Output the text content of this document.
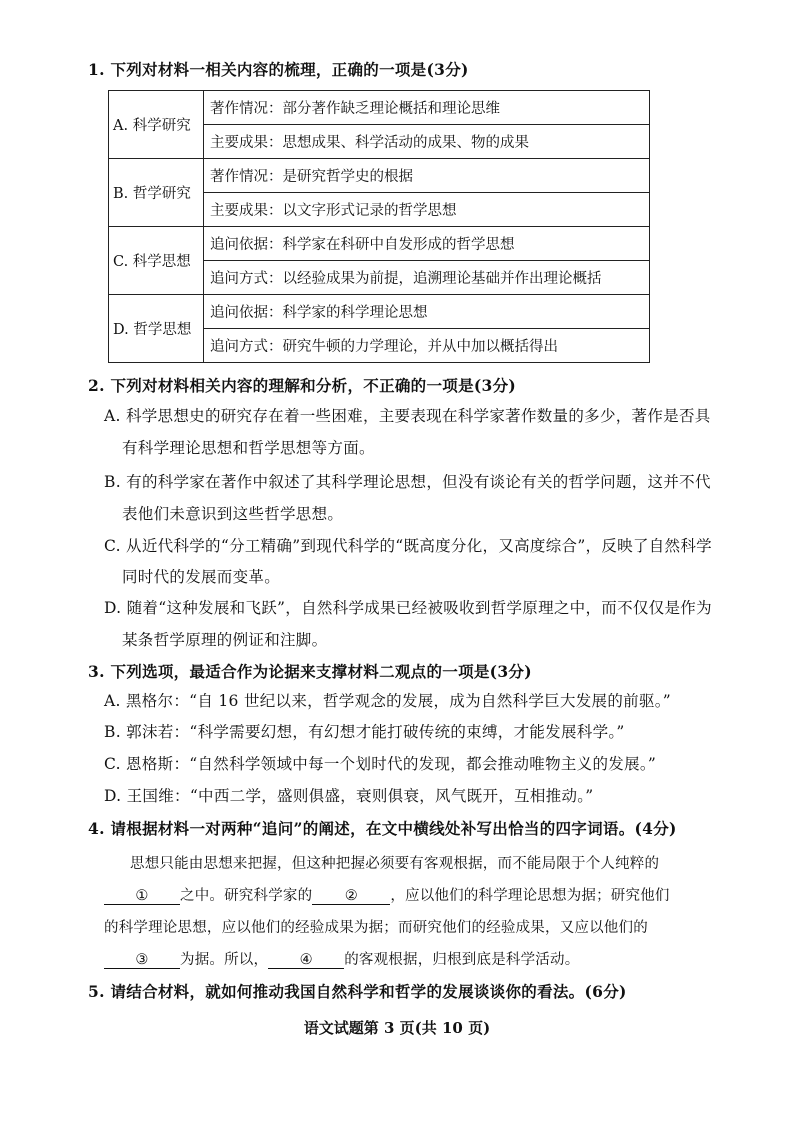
1. 下列对材料一相关内容的梳理，正确的一项是(3分)
A. 科学研究	著作情况：部分著作缺乏理论概括和理论思维
	主要成果：思想成果、科学活动的成果、物的成果
B. 哲学研究	著作情况：是研究哲学史的根据
	主要成果：以文字形式记录的哲学思想
C. 科学思想	追问依据：科学家在科研中自发形成的哲学思想
	追问方式：以经验成果为前提，追溯理论基础并作出理论概括
D. 哲学思想	追问依据：科学家的科学理论思想
	追问方式：研究牛顿的力学理论，并从中加以概括得出
2. 下列对材料相关内容的理解和分析，不正确的一项是(3分)
A. 科学思想史的研究存在着一些困难，主要表现在科学家著作数量的多少，著作是否具
有科学理论思想和哲学思想等方面。
B. 有的科学家在著作中叙述了其科学理论思想，但没有谈论有关的哲学问题，这并不代
表他们未意识到这些哲学思想。
C. 从近代科学的“分工精确”到现代科学的“既高度分化，又高度综合”，反映了自然科学
同时代的发展而变革。
D. 随着“这种发展和飞跃”，自然科学成果已经被吸收到哲学原理之中，而不仅仅是作为
某条哲学原理的例证和注脚。
3. 下列选项，最适合作为论据来支撑材料二观点的一项是(3分)
A. 黑格尔：“自 16 世纪以来，哲学观念的发展，成为自然科学巨大发展的前驱。”
B. 郭沫若：“科学需要幻想，有幻想才能打破传统的束缚，才能发展科学。”
C. 恩格斯：“自然科学领域中每一个划时代的发现，都会推动唯物主义的发展。”
D. 王国维：“中西二学，盛则俱盛，衰则俱衰，风气既开，互相推动。”
4. 请根据材料一对两种“追问”的阐述，在文中横线处补写出恰当的四字词语。(4分)
思想只能由思想来把握，但这种把握必须要有客观根据，而不能局限于个人纯粹的
① 之中。研究科学家的 ② ，应以他们的科学理论思想为据；研究他们
的科学理论思想，应以他们的经验成果为据；而研究他们的经验成果，又应以他们的
③ 为据。所以， ④ 的客观根据，归根到底是科学活动。
5. 请结合材料，就如何推动我国自然科学和哲学的发展谈谈你的看法。(6分)
语文试题第 3 页(共 10 页)
